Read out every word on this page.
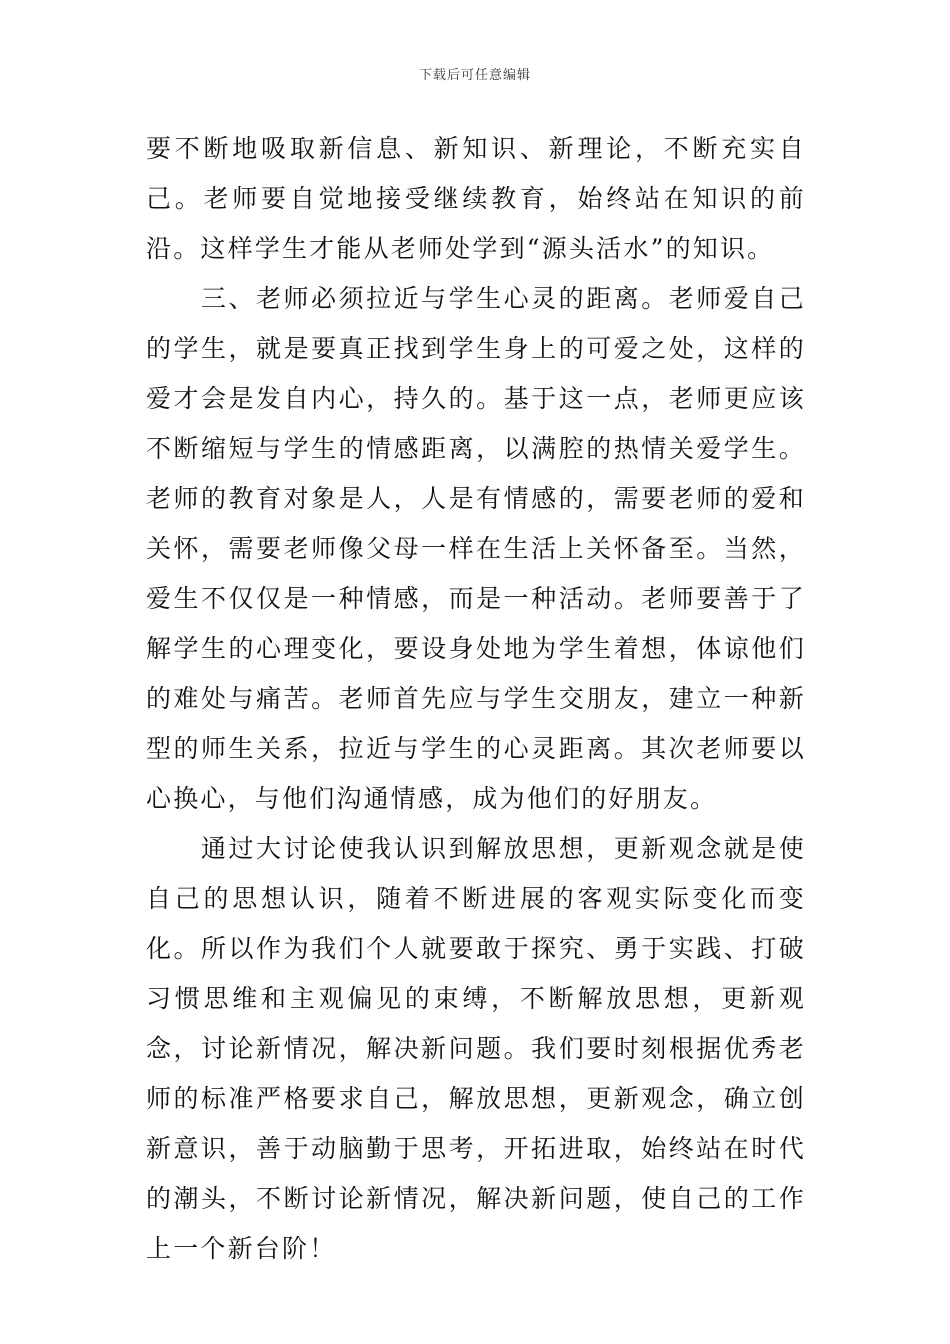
下载后可任意编辑

要不断地吸取新信息、新知识、新理论，不断充实自己。老师要自觉地接受继续教育，始终站在知识的前沿。这样学生才能从老师处学到“源头活水”的知识。

三、老师必须拉近与学生心灵的距离。老师爱自己的学生，就是要真正找到学生身上的可爱之处，这样的爱才会是发自内心，持久的。基于这一点，老师更应该不断缩短与学生的情感距离，以满腔的热情关爱学生。老师的教育对象是人，人是有情感的，需要老师的爱和关怀，需要老师像父母一样在生活上关怀备至。当然，爱生不仅仅是一种情感，而是一种活动。老师要善于了解学生的心理变化，要设身处地为学生着想，体谅他们的难处与痛苦。老师首先应与学生交朋友，建立一种新型的师生关系，拉近与学生的心灵距离。其次老师要以心换心，与他们沟通情感，成为他们的好朋友。

通过大讨论使我认识到解放思想，更新观念就是使自己的思想认识，随着不断进展的客观实际变化而变化。所以作为我们个人就要敢于探究、勇于实践、打破习惯思维和主观偏见的束缚，不断解放思想，更新观念，讨论新情况，解决新问题。我们要时刻根据优秀老师的标准严格要求自己，解放思想，更新观念，确立创新意识，善于动脑勤于思考，开拓进取，始终站在时代的潮头，不断讨论新情况，解决新问题，使自己的工作上一个新台阶！
